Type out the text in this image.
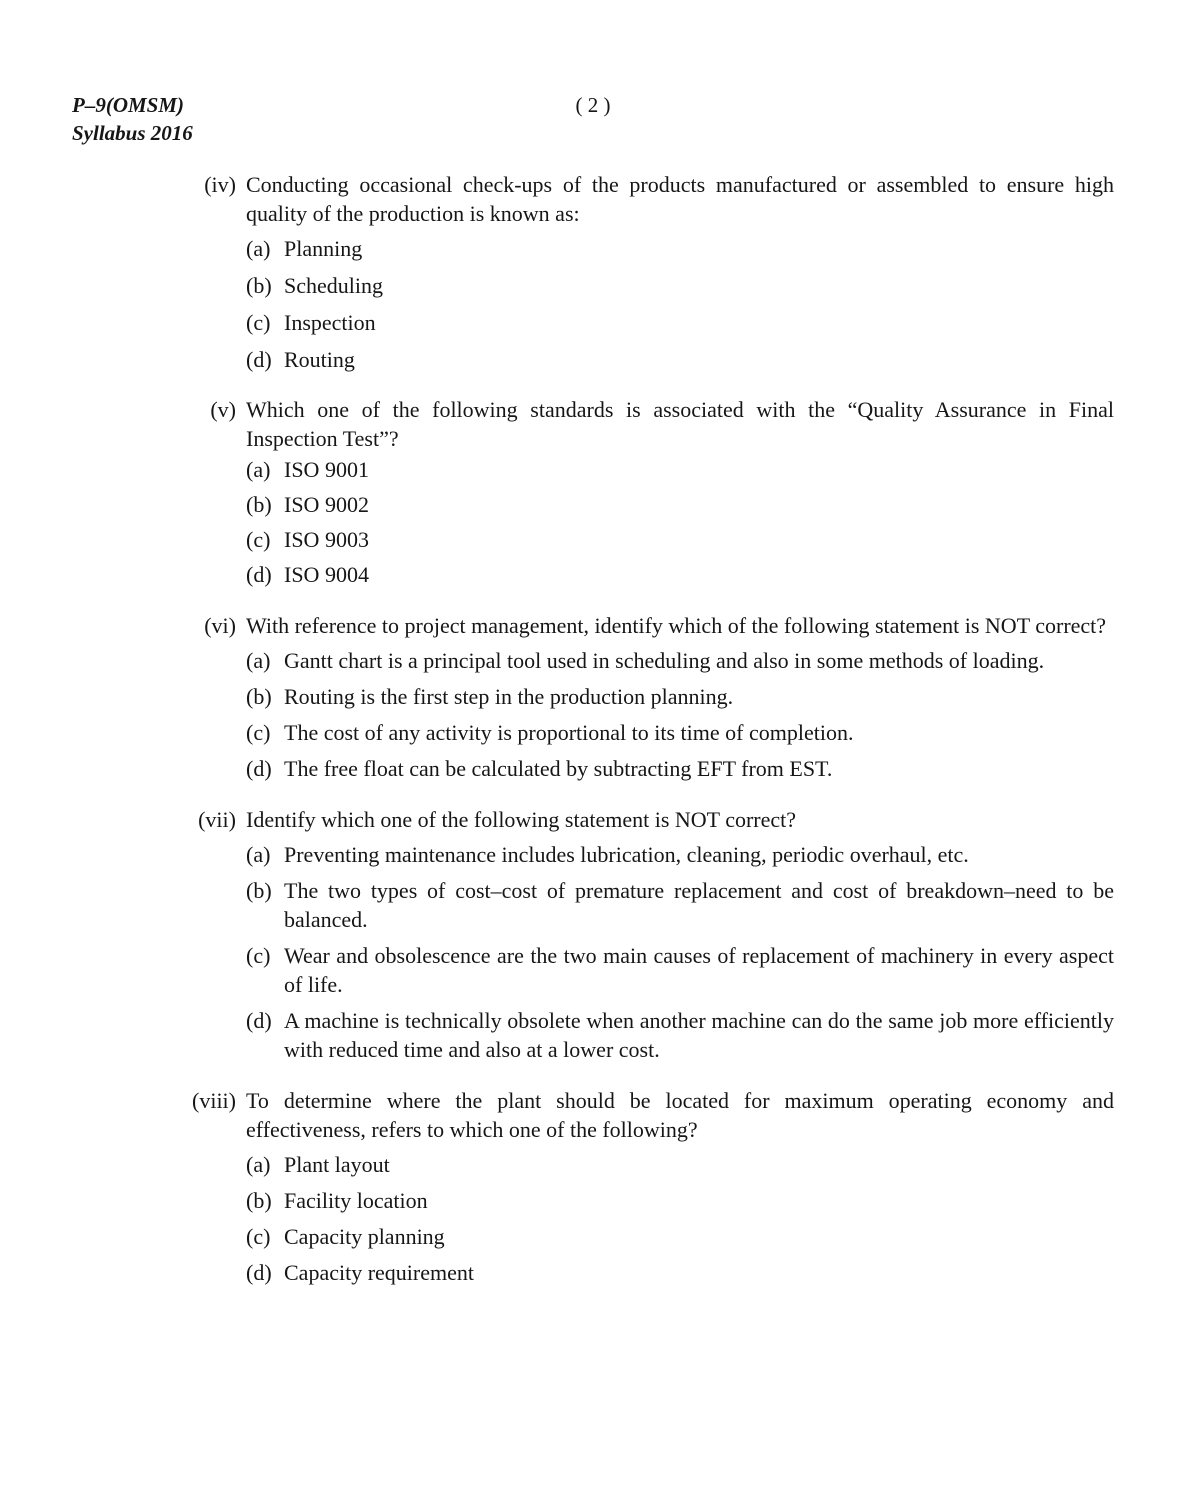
P–9(OMSM)
Syllabus 2016
( 2 )
(iv) Conducting occasional check-ups of the products manufactured or assembled to ensure high quality of the production is known as:
(a) Planning
(b) Scheduling
(c) Inspection
(d) Routing
(v) Which one of the following standards is associated with the “Quality Assurance in Final Inspection Test”?
(a) ISO 9001
(b) ISO 9002
(c) ISO 9003
(d) ISO 9004
(vi) With reference to project management, identify which of the following statement is NOT correct?
(a) Gantt chart is a principal tool used in scheduling and also in some methods of loading.
(b) Routing is the first step in the production planning.
(c) The cost of any activity is proportional to its time of completion.
(d) The free float can be calculated by subtracting EFT from EST.
(vii) Identify which one of the following statement is NOT correct?
(a) Preventing maintenance includes lubrication, cleaning, periodic overhaul, etc.
(b) The two types of cost–cost of premature replacement and cost of breakdown–need to be balanced.
(c) Wear and obsolescence are the two main causes of replacement of machinery in every aspect of life.
(d) A machine is technically obsolete when another machine can do the same job more efficiently with reduced time and also at a lower cost.
(viii) To determine where the plant should be located for maximum operating economy and effectiveness, refers to which one of the following?
(a) Plant layout
(b) Facility location
(c) Capacity planning
(d) Capacity requirement
